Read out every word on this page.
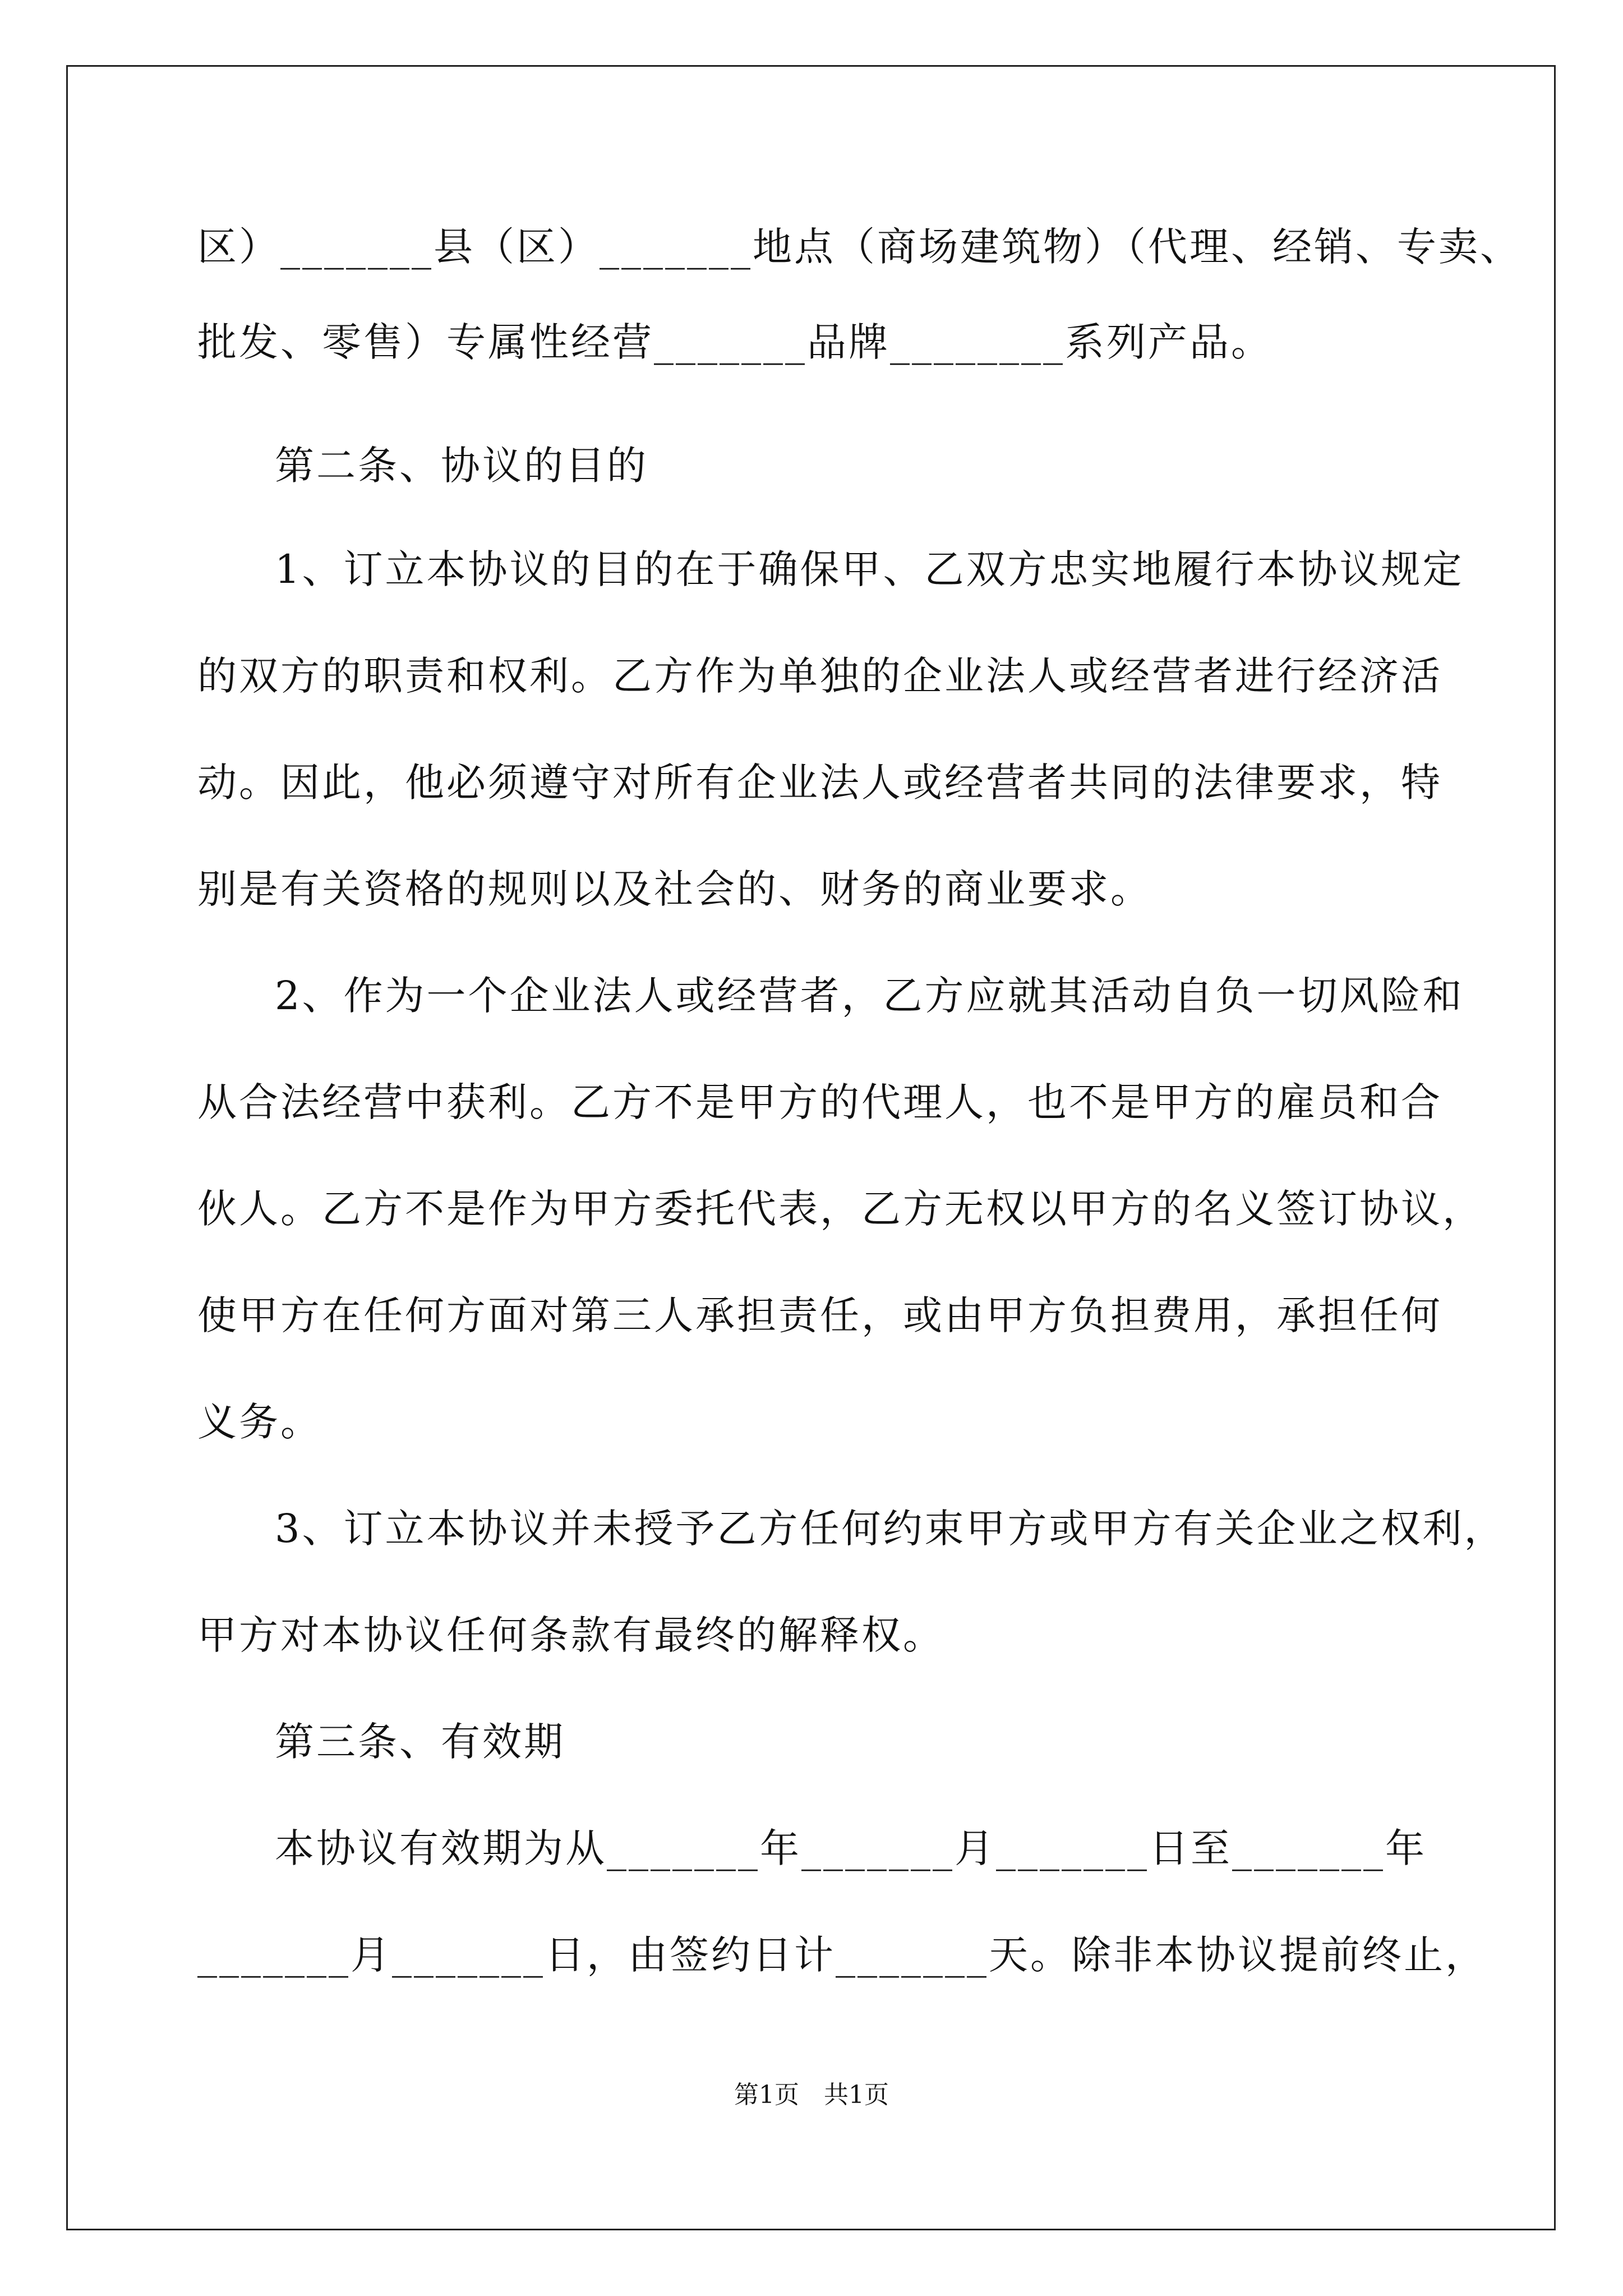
区）_______县（区）_______地点（商场建筑物）（代理、经销、专卖、
批发、零售）专属性经营_______品牌________系列产品。
第二条、协议的目的
1、订立本协议的目的在于确保甲、乙双方忠实地履行本协议规定
的双方的职责和权利。乙方作为单独的企业法人或经营者进行经济活
动。因此，他必须遵守对所有企业法人或经营者共同的法律要求，特
别是有关资格的规则以及社会的、财务的商业要求。
2、作为一个企业法人或经营者，乙方应就其活动自负一切风险和
从合法经营中获利。乙方不是甲方的代理人，也不是甲方的雇员和合
伙人。乙方不是作为甲方委托代表，乙方无权以甲方的名义签订协议，
使甲方在任何方面对第三人承担责任，或由甲方负担费用，承担任何
义务。
3、订立本协议并未授予乙方任何约束甲方或甲方有关企业之权利，
甲方对本协议任何条款有最终的解释权。
第三条、有效期
本协议有效期为从_______年_______月_______日至_______年
_______月_______日，由签约日计_______天。除非本协议提前终止，
第1页　共1页
